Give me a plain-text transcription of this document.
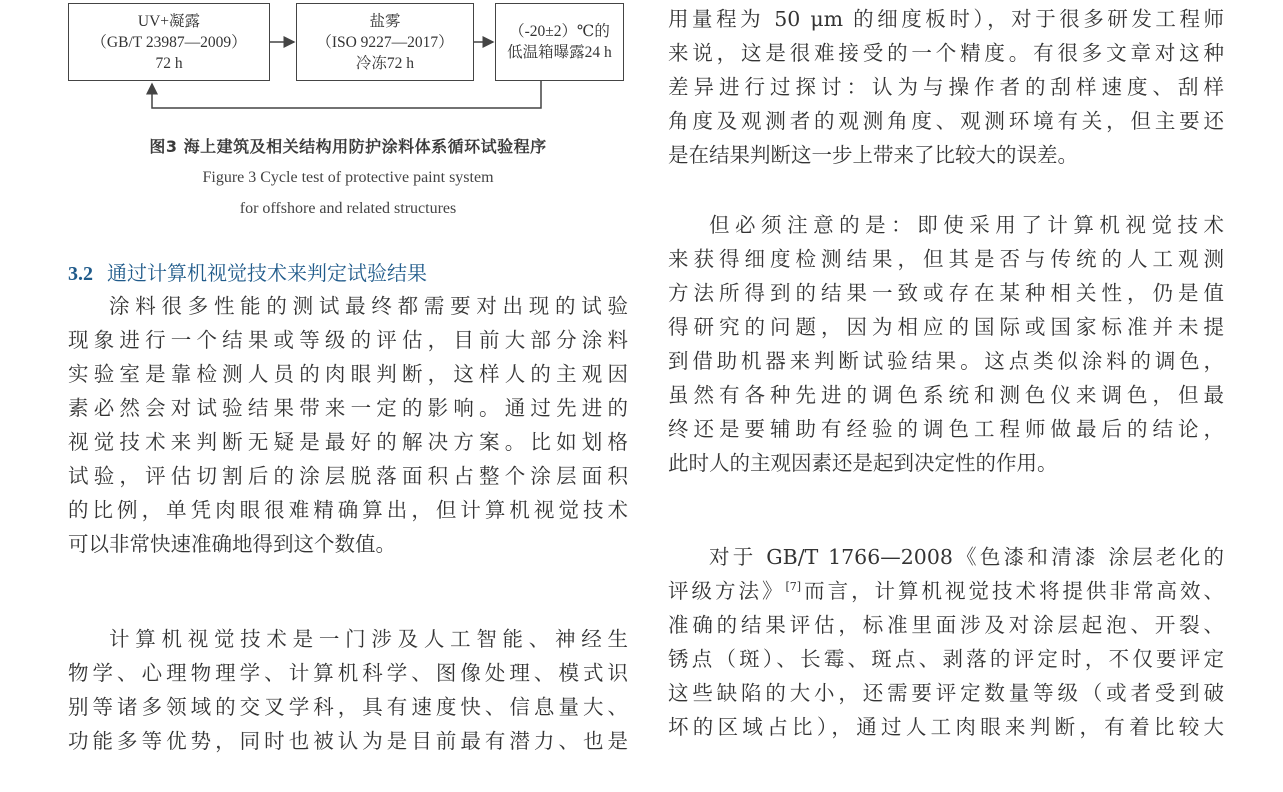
UV+凝露
（GB/T 23987—2009）
72 h
盐雾
（ISO 9227—2017）
冷冻72 h
（-20±2）℃的
低温箱曝露24 h
图3 海上建筑及相关结构用防护涂料体系循环试验程序
Figure 3 Cycle test of protective paint system
for offshore and related structures
3.2 通过计算机视觉技术来判定试验结果

涂料很多性能的测试最终都需要对出现的试验
现象进行一个结果或等级的评估，目前大部分涂料
实验室是靠检测人员的肉眼判断，这样人的主观因
素必然会对试验结果带来一定的影响。通过先进的
视觉技术来判断无疑是最好的解决方案。比如划格
试验，评估切割后的涂层脱落面积占整个涂层面积
的比例，单凭肉眼很难精确算出，但计算机视觉技术
可以非常快速准确地得到这个数值。

计算机视觉技术是一门涉及人工智能、神经生
物学、心理物理学、计算机科学、图像处理、模式识
别等诸多领域的交叉学科，具有速度快、信息量大、
功能多等优势，同时也被认为是目前最有潜力、也是

用量程为 50 μm 的细度板时），对于很多研发工程师
来说，这是很难接受的一个精度。有很多文章对这种
差异进行过探讨：认为与操作者的刮样速度、刮样
角度及观测者的观测角度、观测环境有关，但主要还
是在结果判断这一步上带来了比较大的误差。

但必须注意的是：即使采用了计算机视觉技术
来获得细度检测结果，但其是否与传统的人工观测
方法所得到的结果一致或存在某种相关性，仍是值
得研究的问题，因为相应的国际或国家标准并未提
到借助机器来判断试验结果。这点类似涂料的调色，
虽然有各种先进的调色系统和测色仪来调色，但最
终还是要辅助有经验的调色工程师做最后的结论，
此时人的主观因素还是起到决定性的作用。

对于 GB/T 1766—2008《色漆和清漆 涂层老化的
评级方法》[7]而言，计算机视觉技术将提供非常高效、
准确的结果评估，标准里面涉及对涂层起泡、开裂、
锈点（斑）、长霉、斑点、剥落的评定时，不仅要评定
这些缺陷的大小，还需要评定数量等级（或者受到破
坏的区域占比），通过人工肉眼来判断，有着比较大
